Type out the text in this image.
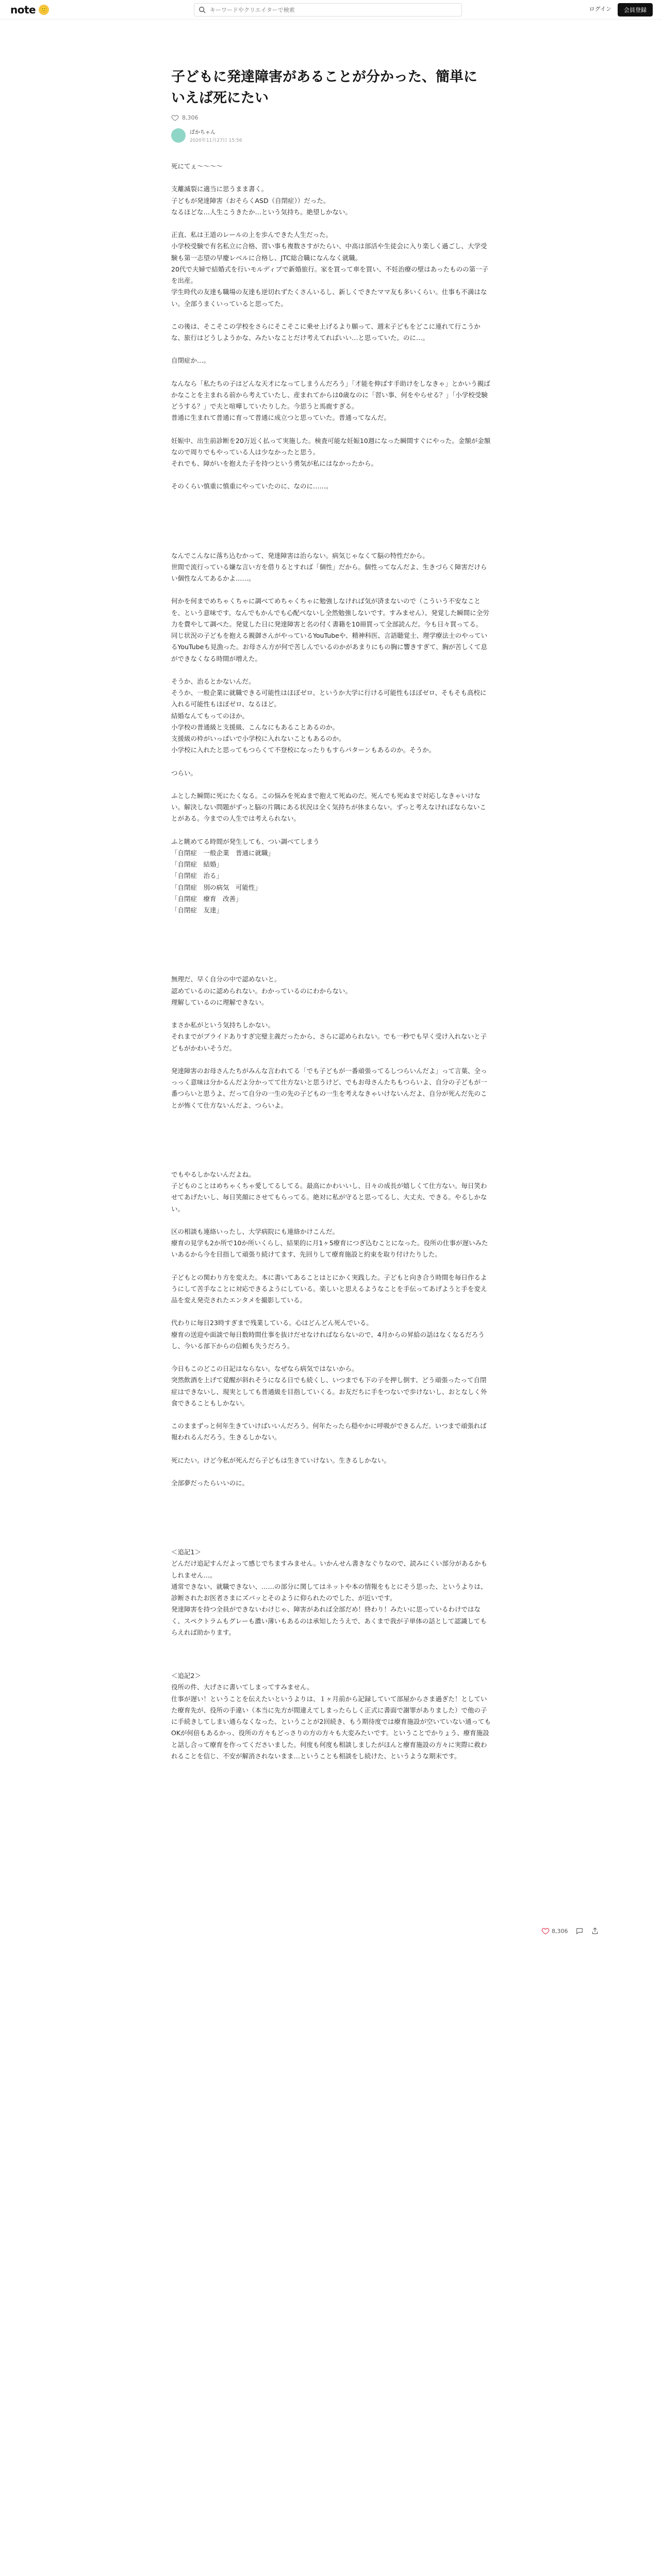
note 🙂
キーワードやクリエイターで検索	ログイン	会員登録
子どもに発達障害があることが分かった、簡単にいえば死にたい
8,306
ぱかちゃん
2020年11月27日 15:56

死にてぇ〜〜〜〜

支離滅裂に適当に思うまま書く。
子どもが発達障害（おそらくASD（自閉症））だった。
なるほどな…人生こうきたか…という気持ち。絶望しかない。

正直、私は王道のレールの上を歩んできた人生だった。
小学校受験で有名私立に合格、習い事も複数さすがたらい、中高は部活や生徒会に入り楽しく過ごし、大学受験も第一志望の早慶レベルに合格し、JTC総合職になんなく就職。
20代で夫婦で結婚式を行いモルディブで新婚旅行。家を買って車を買い、不妊治療の壁はあったものの第一子を出産。
学生時代の友達も職場の友達も逆切れずたくさんいるし、新しくできたママ友も多いくらい。仕事も不満はない。全部うまくいっていると思ってた。

この後は、そこそこの学校をさらにそこそこに乗せ上げるより願って、週末子どもをどこに連れて行こうかな、旅行はどうしようかな、みたいなことだけ考えてればいい…と思っていた。のに…。

自閉症か…。

なんなら「私たちの子はどんな天才になってしまうんだろう」「才能を伸ばす手助けをしなきゃ」とかいう親ばかなことを主まれる前から考えていたし、産まれてからは0歳なのに「習い事、何をやらせる？」「小学校受験どうする？」で夫と喧嘩していたりした。今思うと馬鹿すぎる。
普通に生まれて普通に育って普通に成立つと思っていた。普通ってなんだ。

妊娠中、出生前診断を20万近く払って実施した。検査可能な妊娠10週になった瞬間すぐにやった。金額が金額なので周りでもやっている人は少なかったと思う。
それでも、障がいを抱えた子を持つという勇気が私にはなかったから。

そのくらい慎重に慎重にやっていたのに、なのに……。

なんでこんなに落ち込むかって、発達障害は治らない。病気じゃなくて脳の特性だから。
世間で流行っている嫌な言い方を借りるとすれば「個性」だから。個性ってなんだよ、生きづらく障害だけらい個性なんてあるかよ……。

何かを何までめちゃくちゃに調べてめちゃくちゃに勉強しなければ気が済まないので（こういう不安なことを、という意味です。なんでもかんでも心配ぺないし全然勉強しないです。すみません）、発覚した瞬間に全労力を費やして調べた。発覚した日に発達障害と名の付く書籍を10冊買って全部読んだ。今も日々買ってる。
同じ状況の子どもを抱える親御さんがやっているYouTubeや、精神科医、言語聴覚士、理学療法士のやっているYouTubeも見漁った。お母さん方が何で苦しんでいるのかがあまりにもの胸に響きすぎて、胸が苦しくて息ができなくなる時間が増えた。

そうか、治るとかないんだ。
そうか、一般企業に就職できる可能性はほぼゼロ、というか大学に行ける可能性もほぼゼロ、そもそも高校に入れる可能性もほぼゼロ、なるほど。
結婚なんてもってのほか。
小学校の普通級と支援級、こんなにもあることあるのか。
支援級の枠がいっぱいで小学校に入れないこともあるのか。
小学校に入れたと思ってもつらくて不登校になったりもすらパターンもあるのか。そうか。

つらい。

ふとした瞬間に死にたくなる。この悩みを死ぬまで抱えて死ぬのだ。死んでも死ぬまで対応しなきゃいけない。解決しない問題がずっと脳の片隅にある状況は全く気持ちが休まらない。ずっと考えなければならないことがある。今までの人生では考えられない。

ふと眺めてる時間が発生しても、つい調べてしまう
「自閉症　一般企業　普通に就職」
「自閉症　結婚」
「自閉症　治る」
「自閉症　別の病気　可能性」
「自閉症　療育　改善」
「自閉症　友達」

無理だ、早く自分の中で認めないと。
認めているのに認められない。わかっているのにわからない。
理解しているのに理解できない。

まさか私がという気持ちしかない。
それまでがプライドありすぎ完璧主義だったから、さらに認められない。でも一秒でも早く受け入れないと子どもがかわいそうだ。

発達障害のお母さんたちがみんな言われてる「でも子どもが一番頑張ってるしつらいんだよ」って言葉、全っっっく意味は分かるんだよ分かってて仕方ないと思うけど、でもお母さんたちもつらいよ、自分の子どもが一番つらいと思うよ、だって自分の一生の先の子どもの一生を考えなきゃいけないんだよ、自分が死んだ先のことが怖くて仕方ないんだよ、つらいよ。

でもやるしかないんだよね。
子どものことはめちゃくちゃ愛してるしてる。最高にかわいいし、日々の成長が嬉しくて仕方ない。毎日笑わせてあげたいし、毎日笑顔にさせてもらってる。絶対に私が守ると思ってるし、大丈夫、できる。やるしかない。

区の相談も連絡いったし、大学病院にも連絡かけこんだ。
療育の見学も2か所で10か所いくらし、結果的に月1ヶ5療育につぎ込むことになった。役所の仕事が遅いみたいあるから今を目指して頑張り続けてます、先回りして療育施設と約束を取り付けたりした。

子どもとの関わり方を変えた。本に書いてあることはとにかく実践した。子どもと向き合う時間を毎日作るようにして苦手なことに対応できるようにしている。楽しいと思えるようなことを手伝ってあげようと手を変え品を変え発売されたエンタメを撮影している。

代わりに毎日23時すぎまで残業している。心はどんどん死んでいる。
療育の送迎や面談で毎日数時間仕事を抜けだせなければならないので、4月からの昇給の話はなくなるだろうし、今いる部下からの信頼も失うだろう。

今日もこのどこの日記はならない。なぜなら病気ではないから。
突然飲酒を上げて覚醒が斜れそうになる日でも続くし、いつまでも下の子を押し倒す、どう頑張ったって自閉症はできないし、現実としても普通級を目指していくる。お友だちに手をつないで歩けないし、おとなしく外食できることもしかない。

このままずっと何年生きていけばいいんだろう。何年たったら穏やかに呼吸ができるんだ。いつまで頑張れば報われるんだろう。生きるしかない。

死にたい。けど今私が死んだら子どもは生きていけない。生きるしかない。

全部夢だったらいいのに。

＜追記1＞
どんだけ追記すんだよって感じでちますみません。いかんせん書きなぐりなので、読みにくい部分があるかもしれません…。
通常できない、就職できない、……の部分に関してはネットや本の情報をもとにそう思った、というよりは、診断されたお医者さまにズバッとそのように仰られたのでした、が近いです。
発達障害を持つ全員ができないわけじゃ、障害があれば全部だめ！終わり！みたいに思っているわけではなく、スペクトラムもグレーも濃い薄いもあるのは承知したうえで、あくまで我が子単体の話として認識してもらえれば助かります。

＜追記2＞
役所の件、大げさに書いてしまってすみません。
仕事が遅い！ということを伝えたいというよりは、１ヶ月前から記録していて部屋からさま過ぎた！としていた療育先が、役所の手違い（本当に先方が間違えてしまったらしく正式に書面で謝罪がありました）で他の子に手続きしてしまい通らなくなった、ということが2回続き、もう期待度では療育施設が空いていない通ってもOKが何倍もあるかっ、役所の方々もどっさりの方の方々も大変みたいです。ということでかりょう、療育施設と話し合って療育を作ってくださいました。何度も何度も相談しましたがほんと療育施設の方々に実際に救われることを信じ、不安が解消されないまま…ということも相談をし続けた、というような期末です。

8,306
